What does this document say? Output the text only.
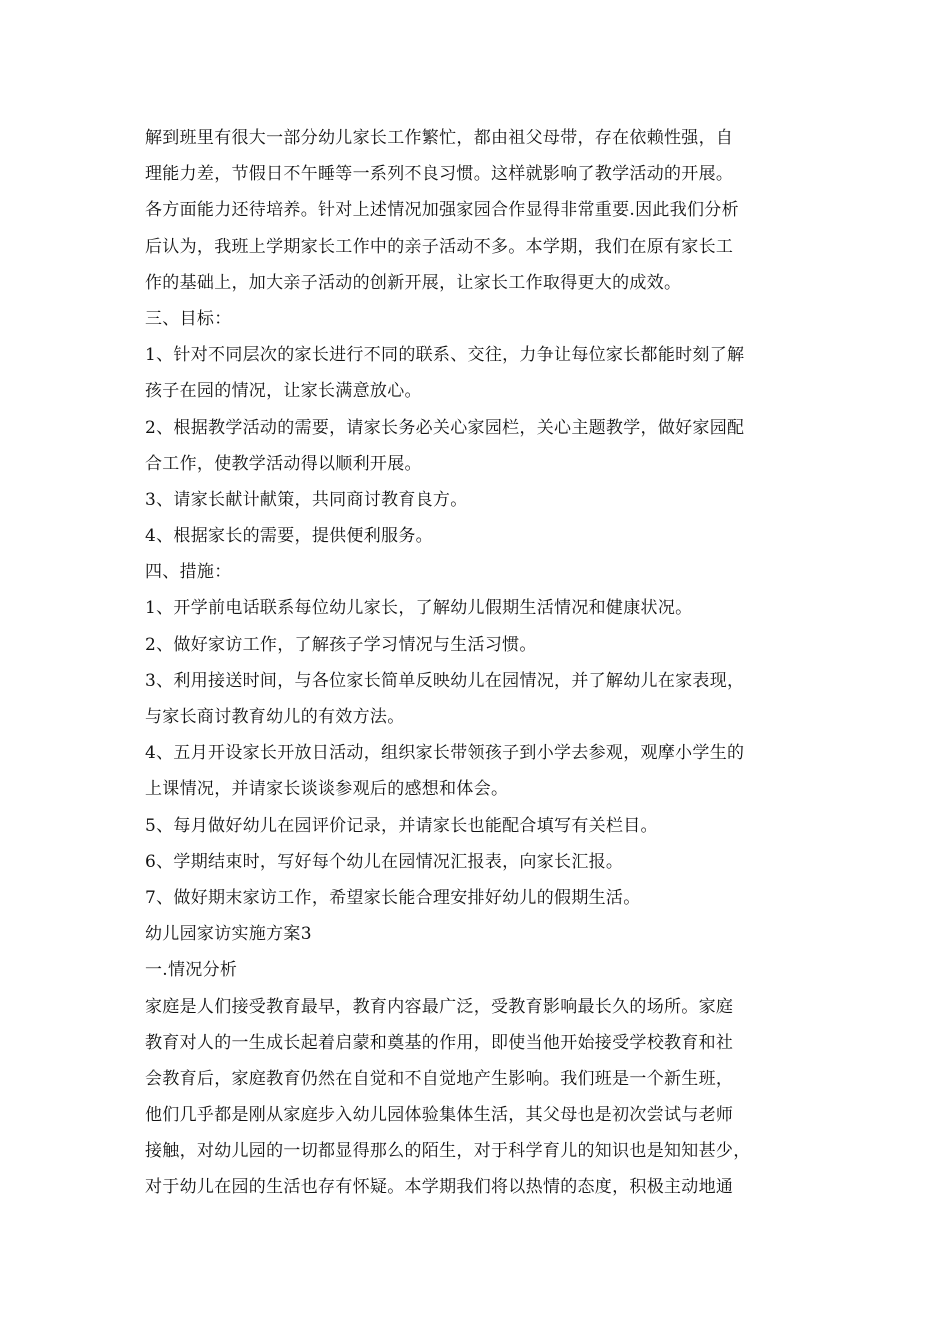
解到班里有很大一部分幼儿家长工作繁忙，都由祖父母带，存在依赖性强，自
理能力差，节假日不午睡等一系列不良习惯。这样就影响了教学活动的开展。
各方面能力还待培养。针对上述情况加强家园合作显得非常重要.因此我们分析
后认为，我班上学期家长工作中的亲子活动不多。本学期，我们在原有家长工
作的基础上，加大亲子活动的创新开展，让家长工作取得更大的成效。
三、目标：
1、针对不同层次的家长进行不同的联系、交往，力争让每位家长都能时刻了解
孩子在园的情况，让家长满意放心。
2、根据教学活动的需要，请家长务必关心家园栏，关心主题教学，做好家园配
合工作，使教学活动得以顺利开展。
3、请家长献计献策，共同商讨教育良方。
4、根据家长的需要，提供便利服务。
四、措施：
1、开学前电话联系每位幼儿家长，了解幼儿假期生活情况和健康状况。
2、做好家访工作，了解孩子学习情况与生活习惯。
3、利用接送时间，与各位家长简单反映幼儿在园情况，并了解幼儿在家表现，
与家长商讨教育幼儿的有效方法。
4、五月开设家长开放日活动，组织家长带领孩子到小学去参观，观摩小学生的
上课情况，并请家长谈谈参观后的感想和体会。
5、每月做好幼儿在园评价记录，并请家长也能配合填写有关栏目。
6、学期结束时，写好每个幼儿在园情况汇报表，向家长汇报。
7、做好期末家访工作，希望家长能合理安排好幼儿的假期生活。
幼儿园家访实施方案3
一.情况分析
家庭是人们接受教育最早，教育内容最广泛，受教育影响最长久的场所。家庭
教育对人的一生成长起着启蒙和奠基的作用，即使当他开始接受学校教育和社
会教育后，家庭教育仍然在自觉和不自觉地产生影响。我们班是一个新生班，
他们几乎都是刚从家庭步入幼儿园体验集体生活，其父母也是初次尝试与老师
接触，对幼儿园的一切都显得那么的陌生，对于科学育儿的知识也是知知甚少，
对于幼儿在园的生活也存有怀疑。本学期我们将以热情的态度，积极主动地通
